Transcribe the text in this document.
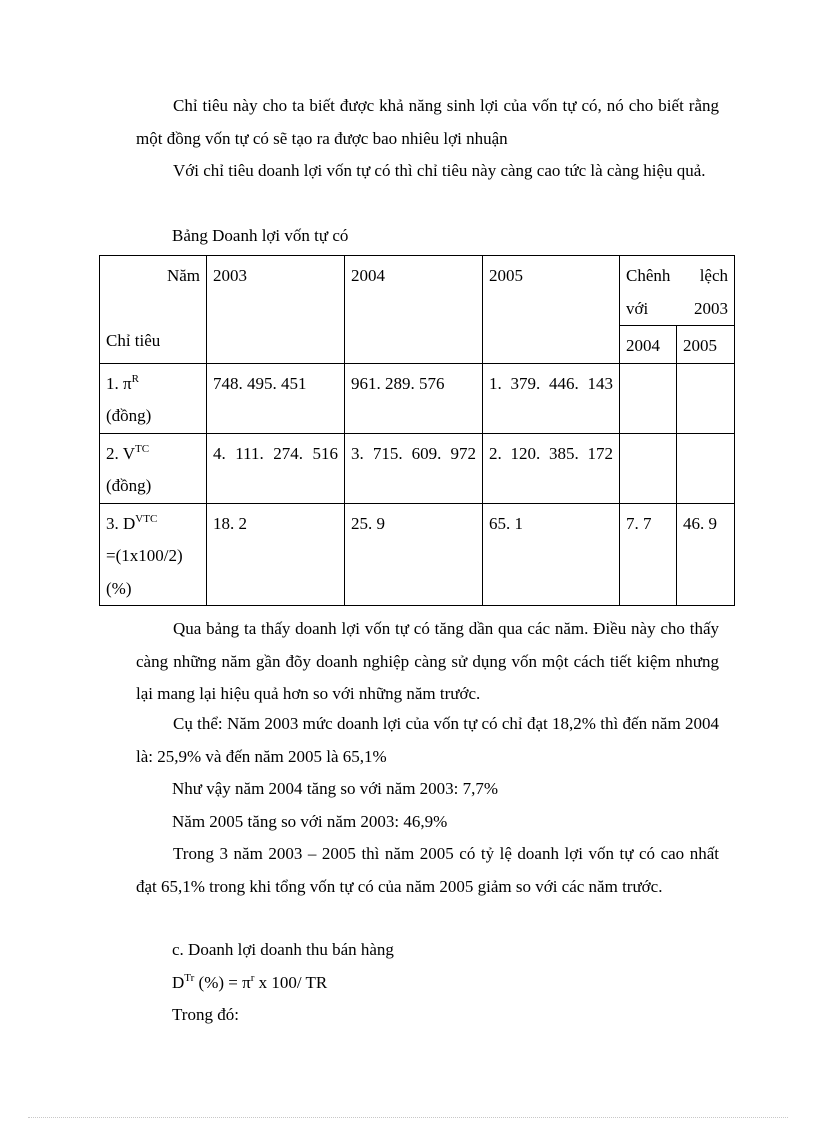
Chỉ tiêu này cho ta biết được khả năng sinh lợi của vốn tự có, nó cho biết rằng một đồng vốn tự có sẽ tạo ra được bao nhiêu lợi nhuận

Với chỉ tiêu doanh lợi vốn tự có thì chỉ tiêu này càng cao tức là càng hiệu quả.

Bảng Doanh lợi vốn tự có

Năm
Chỉ tiêu	2003	2004	2005	Chênh lệch với 2003	
				2004	2005

1. $\pi^R$
(đồng)	748. 495. 451	961. 289. 576	1. 379. 446. 143		

2. $V^{TC}$
(đồng)	4. 111. 274. 516	3. 715. 609. 972	2. 120. 385. 172		

3. $D^{VTC}$
=(1x100/2)
(%)	18. 2	25. 9	65. 1	7. 7	46. 9

Qua bảng ta thấy doanh lợi vốn tự có tăng dần qua các năm. Điều này cho thấy càng những năm gần đõy doanh nghiệp càng sử dụng vốn một cách tiết kiệm nhưng lại mang lại hiệu quả hơn so với những năm trước.

Cụ thể: Năm 2003 mức doanh lợi của vốn tự có chỉ đạt 18,2% thì đến năm 2004 là: 25,9% và đến năm 2005 là 65,1%

Như vậy năm 2004 tăng so với năm 2003: 7,7%

Năm 2005 tăng so với năm 2003: 46,9%

Trong 3 năm 2003 – 2005 thì năm 2005 có tỷ lệ doanh lợi vốn tự có cao nhất đạt 65,1% trong khi tổng vốn tự có của năm 2005 giảm so với các năm trước.

c. Doanh lợi doanh thu bán hàng

$D^{Tr}$ (%) = $\pi^r$ x 100/ TR

Trong đó:
